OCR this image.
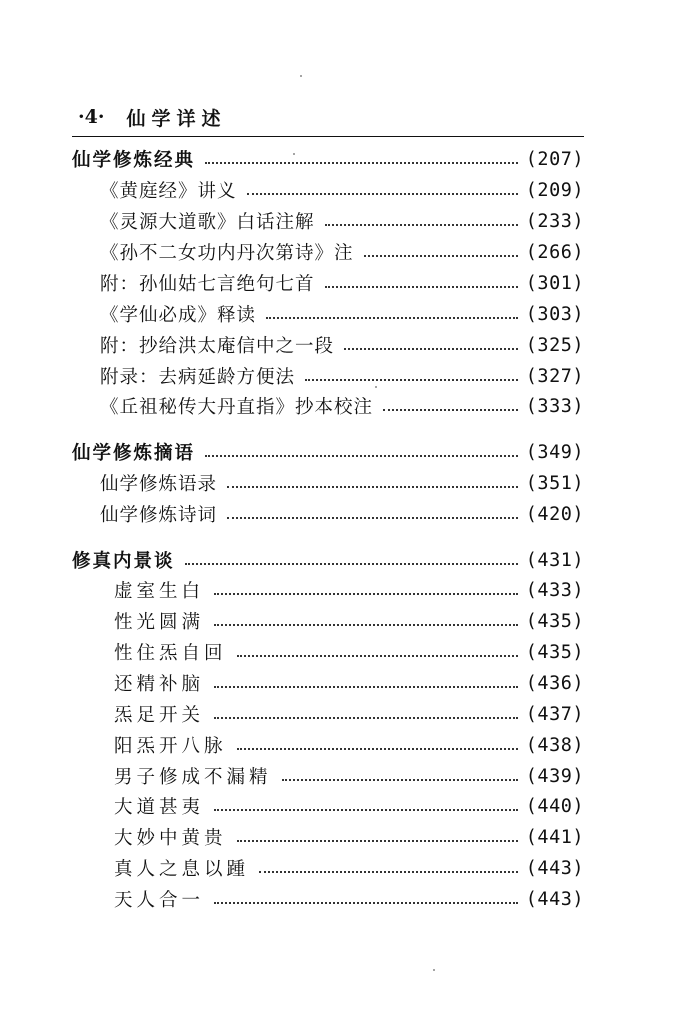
·4· 仙学详述
仙学修炼经典	(207)
《黄庭经》讲义	(209)
《灵源大道歌》白话注解	(233)
《孙不二女功内丹次第诗》注	(266)
附：孙仙姑七言绝句七首	(301)
《学仙必成》释读	(303)
附：抄给洪太庵信中之一段	(325)
附录：去病延龄方便法	(327)
《丘祖秘传大丹直指》抄本校注	(333)
仙学修炼摘语	(349)
仙学修炼语录	(351)
仙学修炼诗词	(420)
修真内景谈	(431)
虚室生白	(433)
性光圆满	(435)
性住炁自回	(435)
还精补脑	(436)
炁足开关	(437)
阳炁开八脉	(438)
男子修成不漏精	(439)
大道甚夷	(440)
大妙中黄贵	(441)
真人之息以踵	(443)
天人合一	(443)
